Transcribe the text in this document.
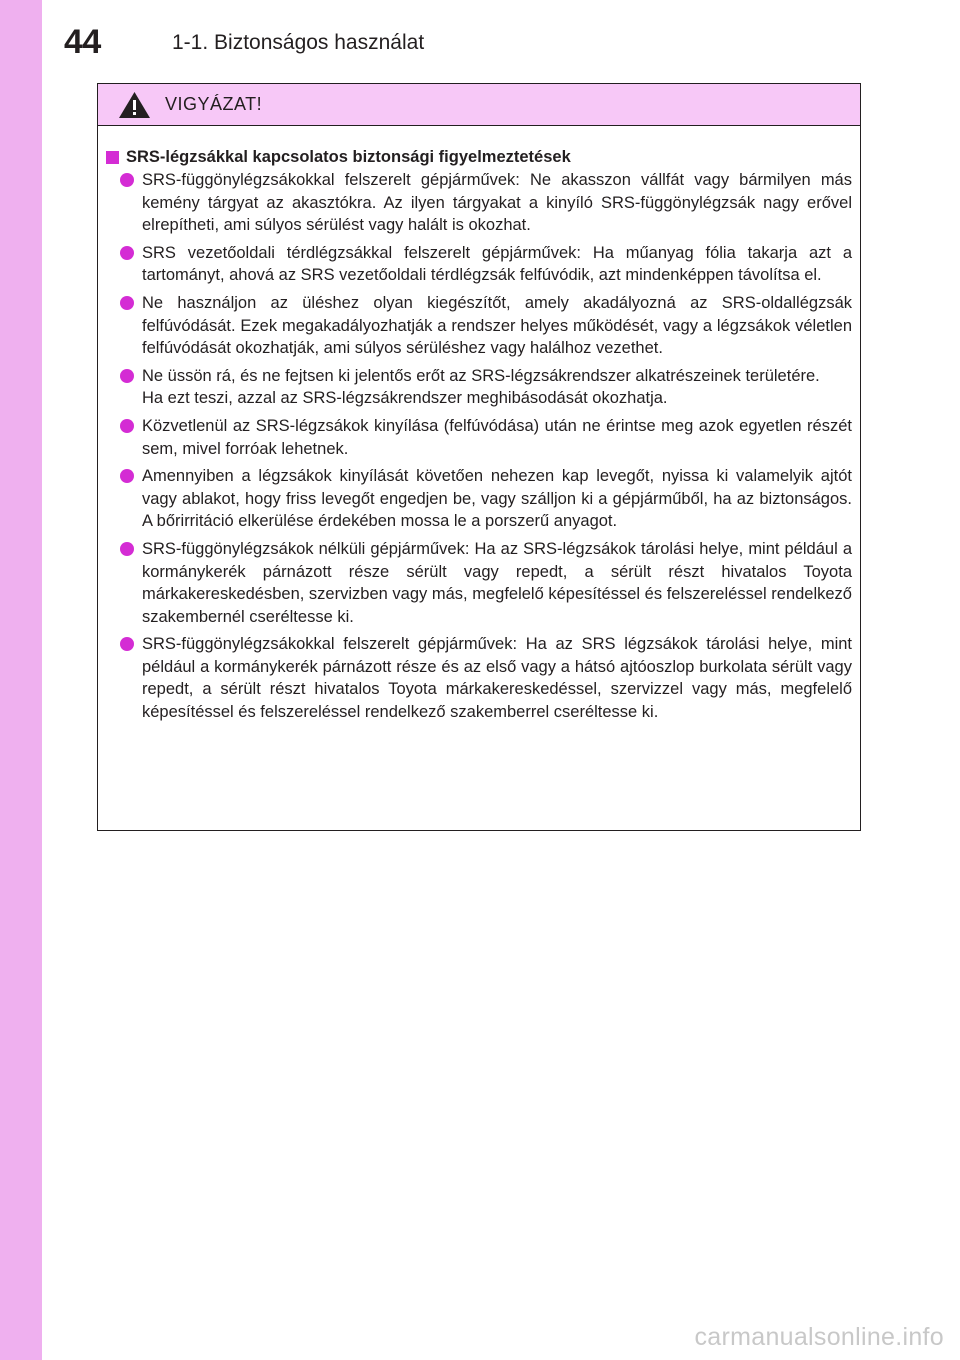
44	1-1. Biztonságos használat
VIGYÁZAT!
SRS-légzsákkal kapcsolatos biztonsági figyelmeztetések
SRS-függönylégzsákokkal felszerelt gépjárművek: Ne akasszon vállfát vagy bármilyen más kemény tárgyat az akasztókra. Az ilyen tárgyakat a kinyíló SRS-függönylégzsák nagy erővel elrepítheti, ami súlyos sérülést vagy halált is okozhat.
SRS vezetőoldali térdlégzsákkal felszerelt gépjárművek: Ha műanyag fólia takarja azt a tartományt, ahová az SRS vezetőoldali térdlégzsák felfúvódik, azt mindenképpen távolítsa el.
Ne használjon az üléshez olyan kiegészítőt, amely akadályozná az SRS-oldallégzsák felfúvódását. Ezek megakadályozhatják a rendszer helyes működését, vagy a légzsákok véletlen felfúvódását okozhatják, ami súlyos sérüléshez vagy halálhoz vezethet.
Ne üssön rá, és ne fejtsen ki jelentős erőt az SRS-légzsákrendszer alkatrészeinek területére.
Ha ezt teszi, azzal az SRS-légzsákrendszer meghibásodását okozhatja.
Közvetlenül az SRS-légzsákok kinyílása (felfúvódása) után ne érintse meg azok egyetlen részét sem, mivel forróak lehetnek.
Amennyiben a légzsákok kinyílását követően nehezen kap levegőt, nyissa ki valamelyik ajtót vagy ablakot, hogy friss levegőt engedjen be, vagy szálljon ki a gépjárműből, ha az biztonságos. A bőrirritáció elkerülése érdekében mossa le a porszerű anyagot.
SRS-függönylégzsákok nélküli gépjárművek: Ha az SRS-légzsákok tárolási helye, mint például a kormánykerék párnázott része sérült vagy repedt, a sérült részt hivatalos Toyota márkakereskedésben, szervizben vagy más, megfelelő képesítéssel és felszereléssel rendelkező szakembernél cseréltesse ki.
SRS-függönylégzsákokkal felszerelt gépjárművek: Ha az SRS légzsákok tárolási helye, mint például a kormánykerék párnázott része és az első vagy a hátsó ajtóoszlop burkolata sérült vagy repedt, a sérült részt hivatalos Toyota márkakereskedéssel, szervizzel vagy más, megfelelő képesítéssel és felszereléssel rendelkező szakemberrel cseréltesse ki.
carmanualsonline.info
